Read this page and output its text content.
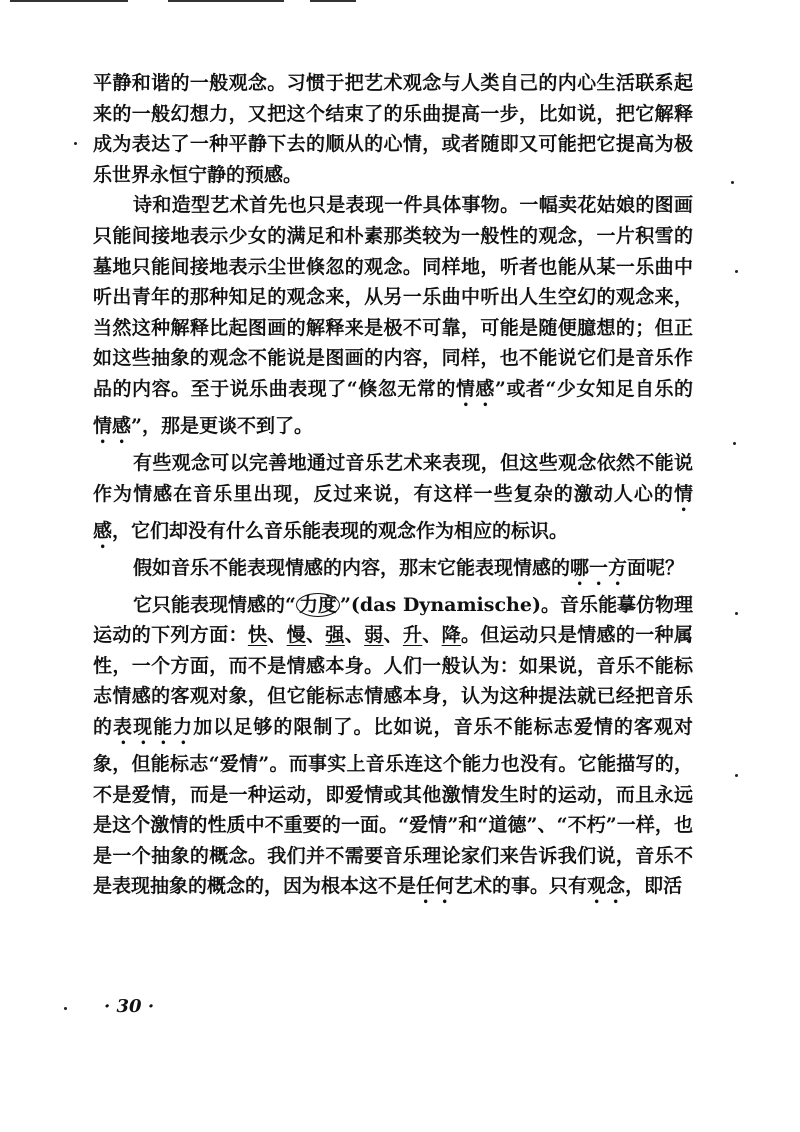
平静和谐的一般观念。习惯于把艺术观念与人类自己的内心生活联系起来的一般幻想力，又把这个结束了的乐曲提高一步，比如说，把它解释成为表达了一种平静下去的顺从的心情，或者随即又可能把它提高为极乐世界永恒宁静的预感。

诗和造型艺术首先也只是表现一件具体事物。一幅卖花姑娘的图画只能间接地表示少女的满足和朴素那类较为一般性的观念，一片积雪的墓地只能间接地表示尘世倏忽的观念。同样地，听者也能从某一乐曲中听出青年的那种知足的观念来，从另一乐曲中听出人生空幻的观念来，当然这种解释比起图画的解释来是极不可靠，可能是随便臆想的；但正如这些抽象的观念不能说是图画的内容，同样，也不能说它们是音乐作品的内容。至于说乐曲表现了“倏忽无常的情感”或者“少女知足自乐的情感”，那是更谈不到了。

有些观念可以完善地通过音乐艺术来表现，但这些观念依然不能说作为情感在音乐里出现，反过来说，有这样一些复杂的激动人心的情感，它们却没有什么音乐能表现的观念作为相应的标识。

假如音乐不能表现情感的内容，那末它能表现情感的哪一方面呢？

它只能表现情感的“ 力度 ”(das Dynamische)。音乐能摹仿物理运动的下列方面：快、慢、强、弱、升、降。但运动只是情感的一种属性，一个方面，而不是情感本身。人们一般认为：如果说，音乐不能标志情感的客观对象，但它能标志情感本身，认为这种提法就已经把音乐的表现能力加以足够的限制了。比如说，音乐不能标志爱情的客观对象，但能标志“爱情”。而事实上音乐连这个能力也没有。它能描写的，不是爱情，而是一种运动，即爱情或其他激情发生时的运动，而且永远是这个激情的性质中不重要的一面。“爱情”和“道德”、“不朽”一样，也是一个抽象的概念。我们并不需要音乐理论家们来告诉我们说，音乐不是表现抽象的概念的，因为根本这不是任何艺术的事。只有观念，即活

· 30 ·
